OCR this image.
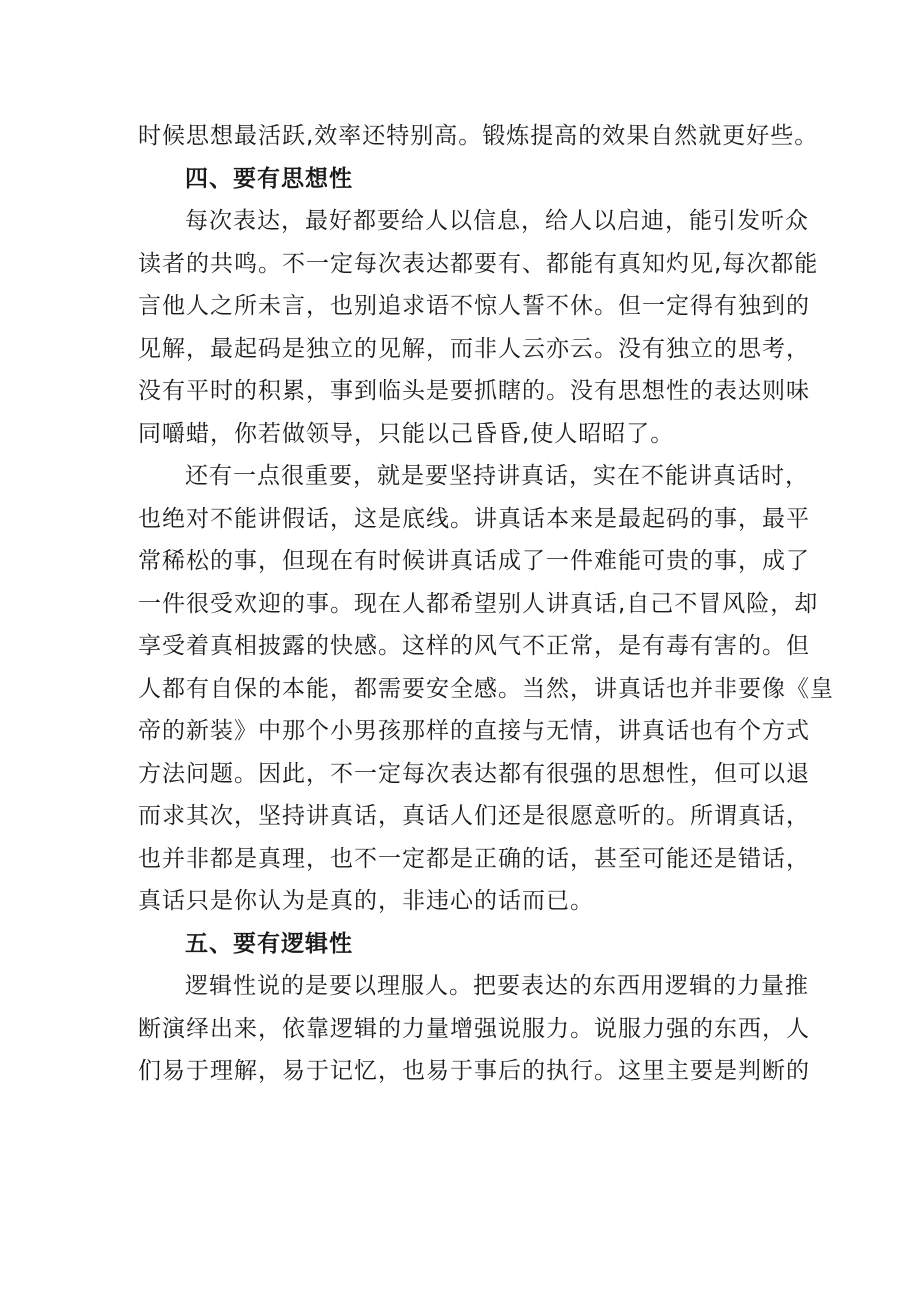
时候思想最活跃,效率还特别高。锻炼提高的效果自然就更好些。
四、要有思想性
每次表达，最好都要给人以信息，给人以启迪，能引发听众
读者的共鸣。不一定每次表达都要有、都能有真知灼见,每次都能
言他人之所未言，也别追求语不惊人誓不休。但一定得有独到的
见解，最起码是独立的见解，而非人云亦云。没有独立的思考，
没有平时的积累，事到临头是要抓瞎的。没有思想性的表达则味
同嚼蜡，你若做领导，只能以己昏昏,使人昭昭了。
还有一点很重要，就是要坚持讲真话，实在不能讲真话时，
也绝对不能讲假话，这是底线。讲真话本来是最起码的事，最平
常稀松的事，但现在有时候讲真话成了一件难能可贵的事，成了
一件很受欢迎的事。现在人都希望别人讲真话,自己不冒风险，却
享受着真相披露的快感。这样的风气不正常，是有毒有害的。但
人都有自保的本能，都需要安全感。当然，讲真话也并非要像《皇
帝的新装》中那个小男孩那样的直接与无情，讲真话也有个方式
方法问题。因此，不一定每次表达都有很强的思想性，但可以退
而求其次，坚持讲真话，真话人们还是很愿意听的。所谓真话，
也并非都是真理，也不一定都是正确的话，甚至可能还是错话，
真话只是你认为是真的，非违心的话而已。
五、要有逻辑性
逻辑性说的是要以理服人。把要表达的东西用逻辑的力量推
断演绎出来，依靠逻辑的力量增强说服力。说服力强的东西，人
们易于理解，易于记忆，也易于事后的执行。这里主要是判断的
